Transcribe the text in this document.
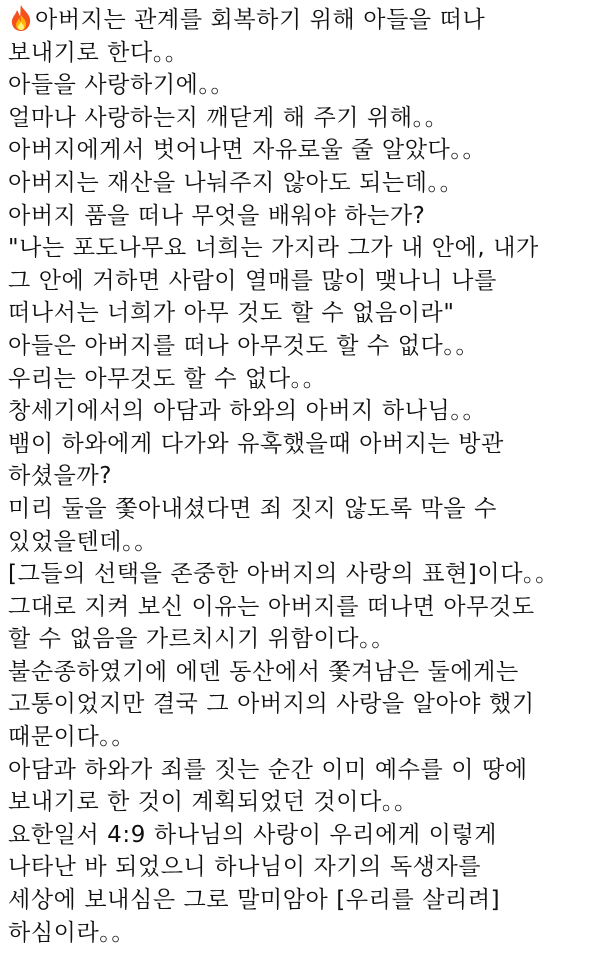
아버지는 관계를 회복하기 위해 아들을 떠나
보내기로 한다。。
아들을 사랑하기에。。
얼마나 사랑하는지 깨닫게 해 주기 위해。。
아버지에게서 벗어나면 자유로울 줄 알았다。。
아버지는 재산을 나눠주지 않아도 되는데。。
아버지 품을 떠나 무엇을 배워야 하는가?
"나는 포도나무요 너희는 가지라 그가 내 안에, 내가
그 안에 거하면 사람이 열매를 많이 맺나니 나를
떠나서는 너희가 아무 것도 할 수 없음이라"
아들은 아버지를 떠나 아무것도 할 수 없다。。
우리는 아무것도 할 수 없다。。
창세기에서의 아담과 하와의 아버지 하나님。。
뱀이 하와에게 다가와 유혹했을때 아버지는 방관
하셨을까?
미리 둘을 쫓아내셨다면 죄 짓지 않도록 막을 수
있었을텐데。。
[그들의 선택을 존중한 아버지의 사랑의 표현]이다。。
그대로 지켜 보신 이유는 아버지를 떠나면 아무것도
할 수 없음을 가르치시기 위함이다。。
불순종하였기에 에덴 동산에서 쫓겨남은 둘에게는
고통이었지만 결국 그 아버지의 사랑을 알아야 했기
때문이다。。
아담과 하와가 죄를 짓는 순간 이미 예수를 이 땅에
보내기로 한 것이 계획되었던 것이다。。
요한일서 4:9 하나님의 사랑이 우리에게 이렇게
나타난 바 되었으니 하나님이 자기의 독생자를
세상에 보내심은 그로 말미암아 [우리를 살리려]
하심이라。。
